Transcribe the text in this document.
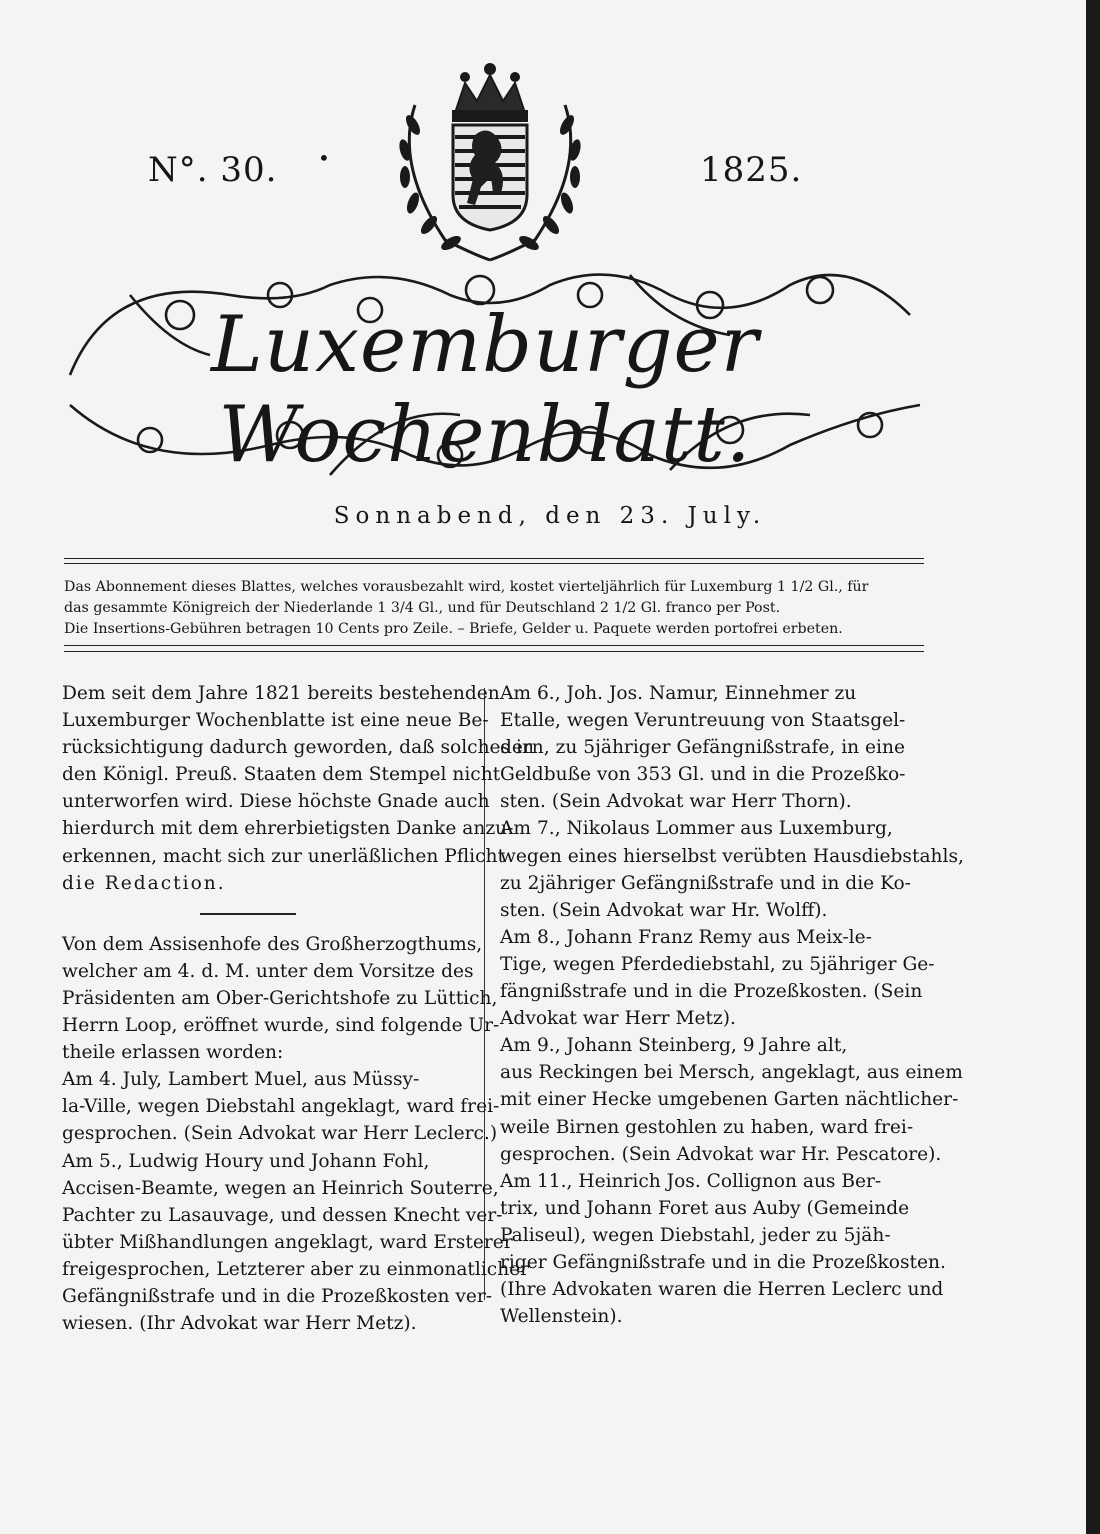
N°. 30. •	1825.
Luxemburger Wochenblatt.
Sonnabend, den 23. July.
Das Abonnement dieses Blattes, welches vorausbezahlt wird, kostet vierteljährlich für Luxemburg 1 1/2 Gl., für
das gesammte Königreich der Niederlande 1 3/4 Gl., und für Deutschland 2 1/2 Gl. franco per Post.
Die Insertions-Gebühren betragen 10 Cents pro Zeile. – Briefe, Gelder u. Paquete werden portofrei erbeten.

Dem seit dem Jahre 1821 bereits bestehenden
Luxemburger Wochenblatte ist eine neue Be-
rücksichtigung dadurch geworden, daß solches in
den Königl. Preuß. Staaten dem Stempel nicht
unterworfen wird. Diese höchste Gnade auch
hierdurch mit dem ehrerbietigsten Danke anzu-
erkennen, macht sich zur unerläßlichen Pflicht

die Redaction.

Von dem Assisenhofe des Großherzogthums,
welcher am 4. d. M. unter dem Vorsitze des
Präsidenten am Ober-Gerichtshofe zu Lüttich,
Herrn Loop, eröffnet wurde, sind folgende Ur-
theile erlassen worden:
Am 4. July, Lambert Muel, aus Müssy-
la-Ville, wegen Diebstahl angeklagt, ward frei-
gesprochen. (Sein Advokat war Herr Leclerc.)
Am 5., Ludwig Houry und Johann Fohl,
Accisen-Beamte, wegen an Heinrich Souterre,
Pachter zu Lasauvage, und dessen Knecht ver-
übter Mißhandlungen angeklagt, ward Ersterer
freigesprochen, Letzterer aber zu einmonatlicher
Gefängnißstrafe und in die Prozeßkosten ver-
wiesen. (Ihr Advokat war Herr Metz).

Am 6., Joh. Jos. Namur, Einnehmer zu
Etalle, wegen Veruntreuung von Staatsgel-
dern, zu 5jähriger Gefängnißstrafe, in eine
Geldbuße von 353 Gl. und in die Prozeßko-
sten. (Sein Advokat war Herr Thorn).
Am 7., Nikolaus Lommer aus Luxemburg,
wegen eines hierselbst verübten Hausdiebstahls,
zu 2jähriger Gefängnißstrafe und in die Ko-
sten. (Sein Advokat war Hr. Wolff).
Am 8., Johann Franz Remy aus Meix-le-
Tige, wegen Pferdediebstahl, zu 5jähriger Ge-
fängnißstrafe und in die Prozeßkosten. (Sein
Advokat war Herr Metz).
Am 9., Johann Steinberg, 9 Jahre alt,
aus Reckingen bei Mersch, angeklagt, aus einem
mit einer Hecke umgebenen Garten nächtlicher-
weile Birnen gestohlen zu haben, ward frei-
gesprochen. (Sein Advokat war Hr. Pescatore).
Am 11., Heinrich Jos. Collignon aus Ber-
trix, und Johann Foret aus Auby (Gemeinde
Paliseul), wegen Diebstahl, jeder zu 5jäh-
riger Gefängnißstrafe und in die Prozeßkosten.
(Ihre Advokaten waren die Herren Leclerc und
Wellenstein).
